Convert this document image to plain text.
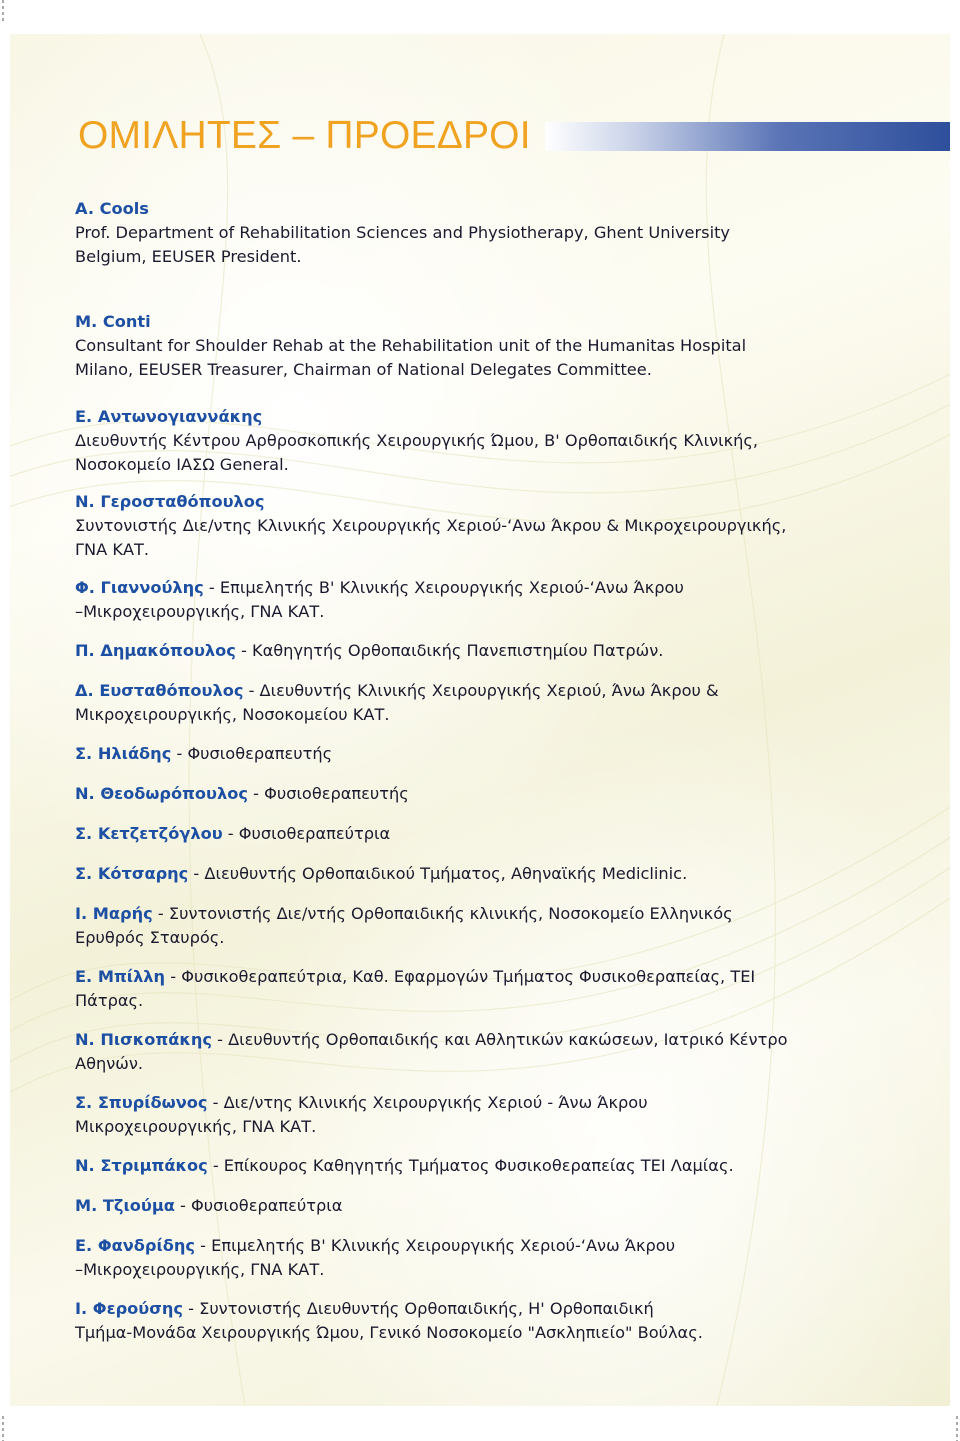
ΟΜΙΛΗΤΕΣ – ΠΡΟΕΔΡΟΙ
A. Cools
Prof. Department of Rehabilitation Sciences and Physiotherapy, Ghent University
Belgium, EEUSER President.
M. Conti
Consultant for Shoulder Rehab at the Rehabilitation unit of the Humanitas Hospital
Milano, EEUSER Treasurer, Chairman of National Delegates Committee.
Ε. Αντωνογιαννάκης
Διευθυντής Κέντρου Αρθροσκοπικής Χειρουργικής Ώμου, Β' Ορθοπαιδικής Κλινικής,
Νοσοκομείο ΙΑΣΩ General.
Ν. Γεροσταθόπουλος
Συντονιστής Διε/ντης Κλινικής Χειρουργικής Χεριού-‘Ανω Άκρου & Μικροχειρουργικής,
ΓΝΑ ΚΑΤ.
Φ. Γιαννούλης - Επιμελητής Β' Κλινικής Χειρουργικής Χεριού-‘Ανω Άκρου
–Μικροχειρουργικής, ΓΝΑ ΚΑΤ.
Π. Δημακόπουλος - Καθηγητής Ορθοπαιδικής Πανεπιστημίου Πατρών.
Δ. Ευσταθόπουλος - Διευθυντής Κλινικής Χειρουργικής Χεριού, Άνω Άκρου &
Μικροχειρουργικής, Νοσοκομείου ΚΑΤ.
Σ. Ηλιάδης - Φυσιοθεραπευτής
Ν. Θεοδωρόπουλος - Φυσιοθεραπευτής
Σ. Κετζετζόγλου - Φυσιοθεραπεύτρια
Σ. Κότσαρης - Διευθυντής Ορθοπαιδικού Τμήματος, Αθηναϊκής Mediclinic.
Ι. Μαρής - Συντονιστής Διε/ντής Ορθοπαιδικής κλινικής, Νοσοκομείο Ελληνικός
Ερυθρός Σταυρός.
Ε. Μπίλλη - Φυσικοθεραπεύτρια, Καθ. Εφαρμογών Τμήματος Φυσικοθεραπείας, ΤΕΙ
Πάτρας.
Ν. Πισκοπάκης - Διευθυντής Ορθοπαιδικής και Αθλητικών κακώσεων, Ιατρικό Κέντρο
Αθηνών.
Σ. Σπυρίδωνος - Διε/ντης Κλινικής Χειρουργικής Χεριού - Άνω Άκρου
Μικροχειρουργικής, ΓΝΑ ΚΑΤ.
Ν. Στριμπάκος - Επίκουρος Καθηγητής Τμήματος Φυσικοθεραπείας ΤΕΙ Λαμίας.
Μ. Τζιούμα - Φυσιοθεραπεύτρια
Ε. Φανδρίδης - Επιμελητής Β' Κλινικής Χειρουργικής Χεριού-‘Ανω Άκρου
–Μικροχειρουργικής, ΓΝΑ ΚΑΤ.
Ι. Φερούσης - Συντονιστής Διευθυντής Ορθοπαιδικής, Η' Ορθοπαιδική
Τμήμα-Μονάδα Χειρουργικής Ώμου, Γενικό Νοσοκομείο "Ασκληπιείο" Βούλας.
